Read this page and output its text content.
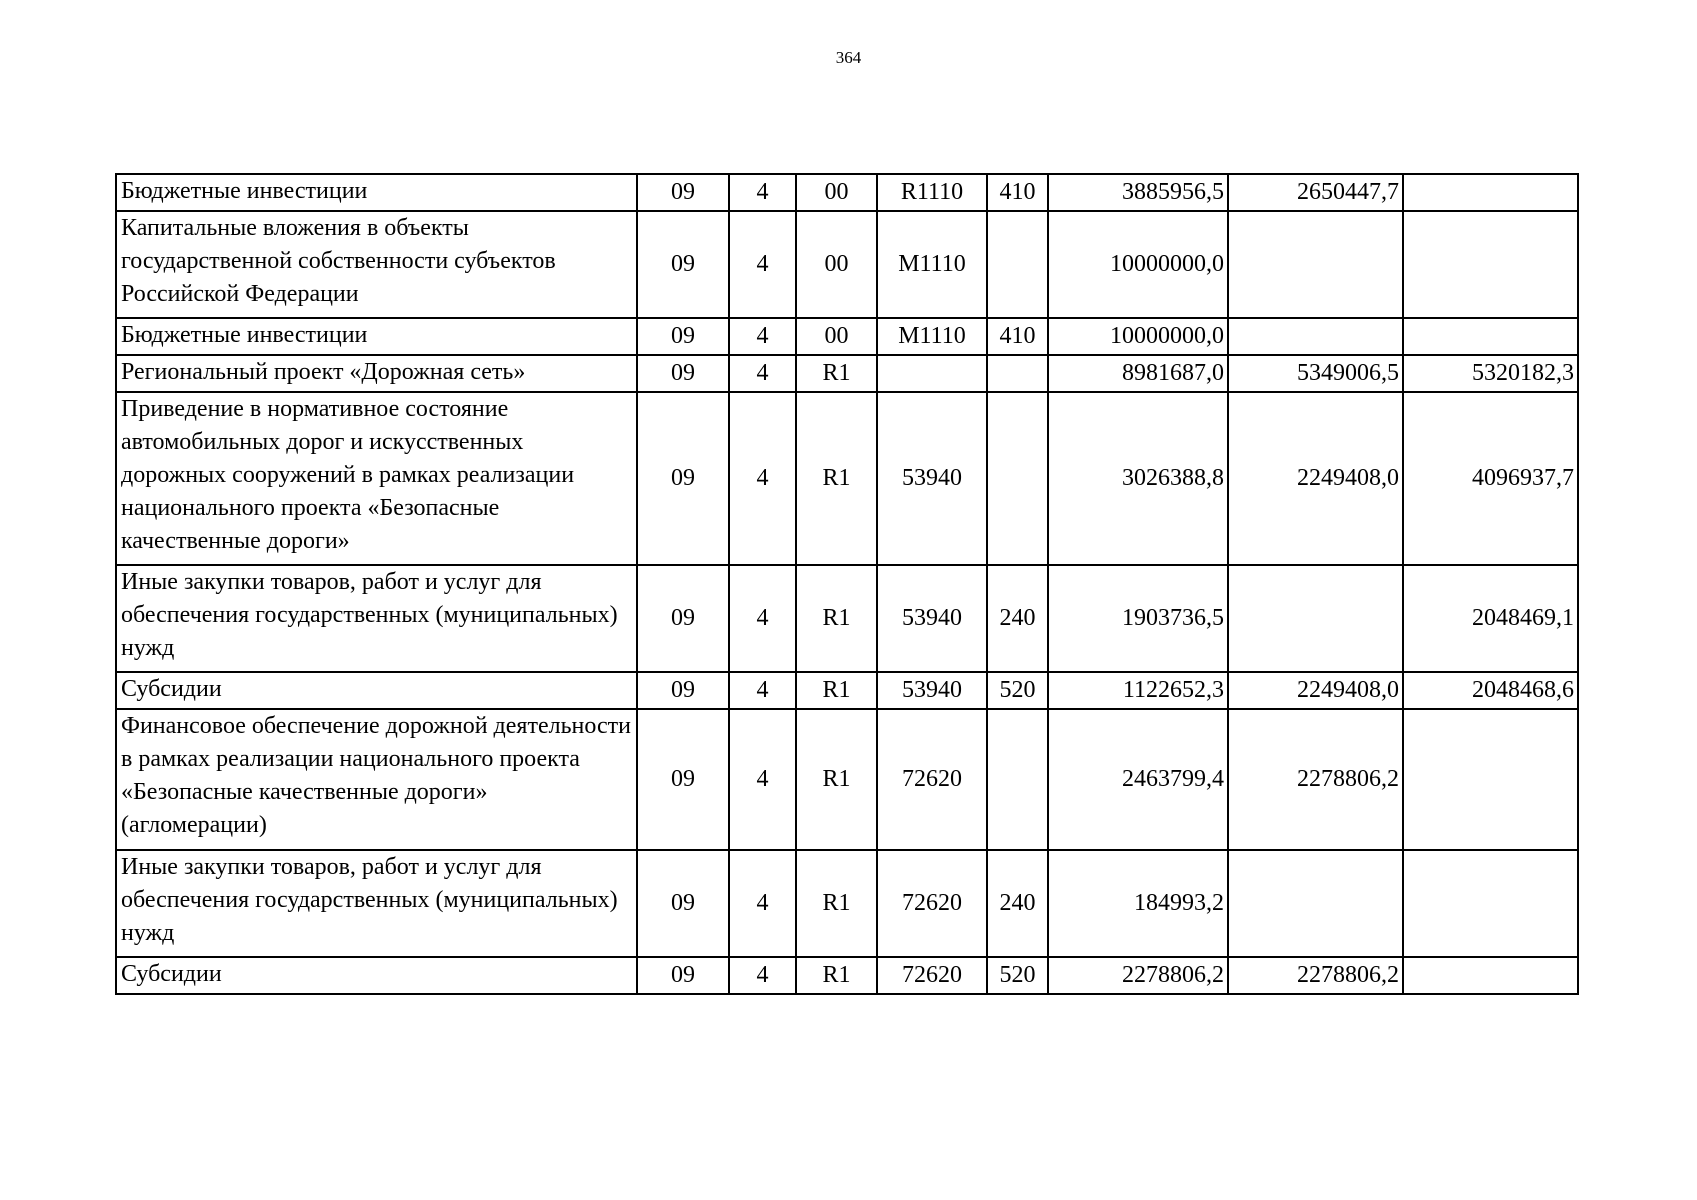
364
Бюджетные инвестиции	09	4	00	R1110	410	3885956,5	2650447,7	
Капитальные вложения в объекты государственной собственности субъектов Российской Федерации	09	4	00	М1110		10000000,0		
Бюджетные инвестиции	09	4	00	М1110	410	10000000,0		
Региональный проект «Дорожная сеть»	09	4	R1			8981687,0	5349006,5	5320182,3
Приведение в нормативное состояние автомобильных дорог и искусственных дорожных сооружений в рамках реализации национального проекта «Безопасные качественные дороги»	09	4	R1	53940		3026388,8	2249408,0	4096937,7
Иные закупки товаров, работ и услуг для обеспечения государственных (муниципальных) нужд	09	4	R1	53940	240	1903736,5		2048469,1
Субсидии	09	4	R1	53940	520	1122652,3	2249408,0	2048468,6
Финансовое обеспечение дорожной деятельности в рамках реализации национального проекта «Безопасные качественные дороги» (агломерации)	09	4	R1	72620		2463799,4	2278806,2	
Иные закупки товаров, работ и услуг для обеспечения государственных (муниципальных) нужд	09	4	R1	72620	240	184993,2		
Субсидии	09	4	R1	72620	520	2278806,2	2278806,2	
